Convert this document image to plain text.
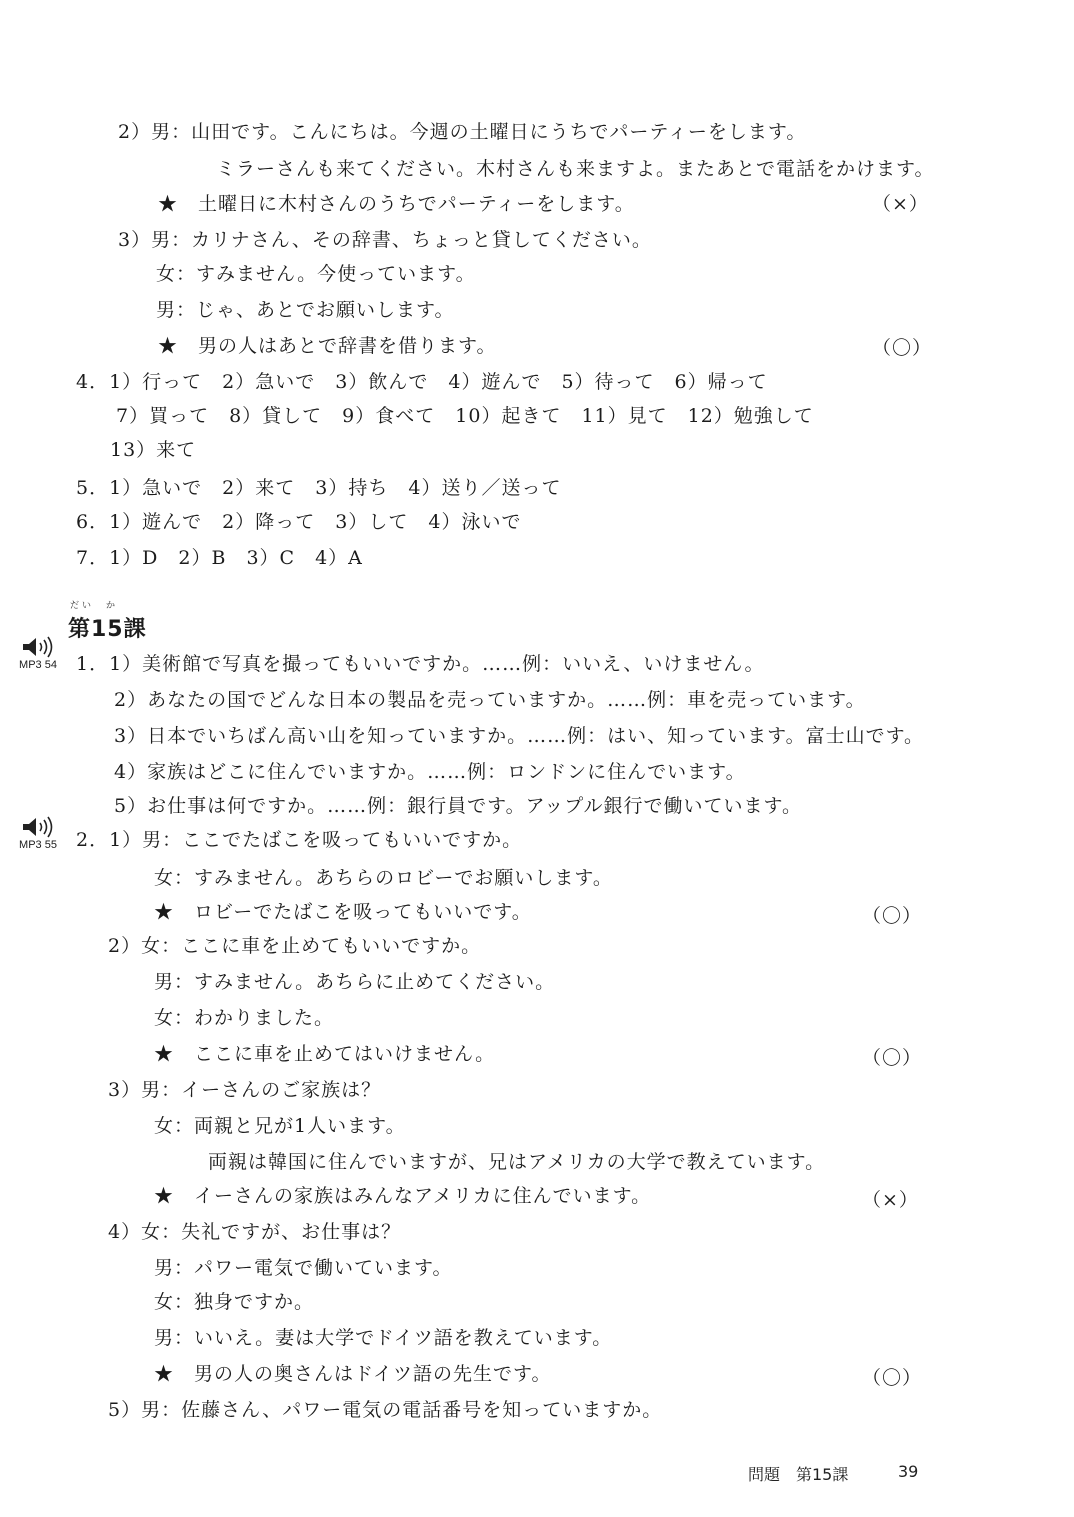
2）男：山田です。こんにちは。今週の土曜日にうちでパーティーをします。
ミラーさんも来てください。木村さんも来ますよ。またあとで電話をかけます。
★　土曜日に木村さんのうちでパーティーをします。	（×）
3）男：カリナさん、その辞書、ちょっと貸してください。
女：すみません。今使っています。
男：じゃ、あとでお願いします。
★　男の人はあとで辞書を借ります。	（〇）
4．1）行って　2）急いで　3）飲んで　4）遊んで　5）待って　6）帰って
7）買って　8）貸して　9）食べて　10）起きて　11）見て　12）勉強して
13）来て
5．1）急いで　2）来て　3）持ち　4）送り／送って
6．1）遊んで　2）降って　3）して　4）泳いで
7．1）D　2）B　3）C　4）A
だい　か
第15課
MP3 54
MP3 55
1．1）美術館で写真を撮ってもいいですか。……例：いいえ、いけません。
2）あなたの国でどんな日本の製品を売っていますか。……例：車を売っています。
3）日本でいちばん高い山を知っていますか。……例：はい、知っています。富士山です。
4）家族はどこに住んでいますか。……例：ロンドンに住んでいます。
5）お仕事は何ですか。……例：銀行員です。アップル銀行で働いています。
2．1）男：ここでたばこを吸ってもいいですか。
女：すみません。あちらのロビーでお願いします。
★　ロビーでたばこを吸ってもいいです。	（〇）
2）女：ここに車を止めてもいいですか。
男：すみません。あちらに止めてください。
女：わかりました。
★　ここに車を止めてはいけません。	（〇）
3）男：イーさんのご家族は？
女：両親と兄が1人います。
両親は韓国に住んでいますが、兄はアメリカの大学で教えています。
★　イーさんの家族はみんなアメリカに住んでいます。	（×）
4）女：失礼ですが、お仕事は？
男：パワー電気で働いています。
女：独身ですか。
男：いいえ。妻は大学でドイツ語を教えています。
★　男の人の奥さんはドイツ語の先生です。	（〇）
5）男：佐藤さん、パワー電気の電話番号を知っていますか。
問題　第15課	39
